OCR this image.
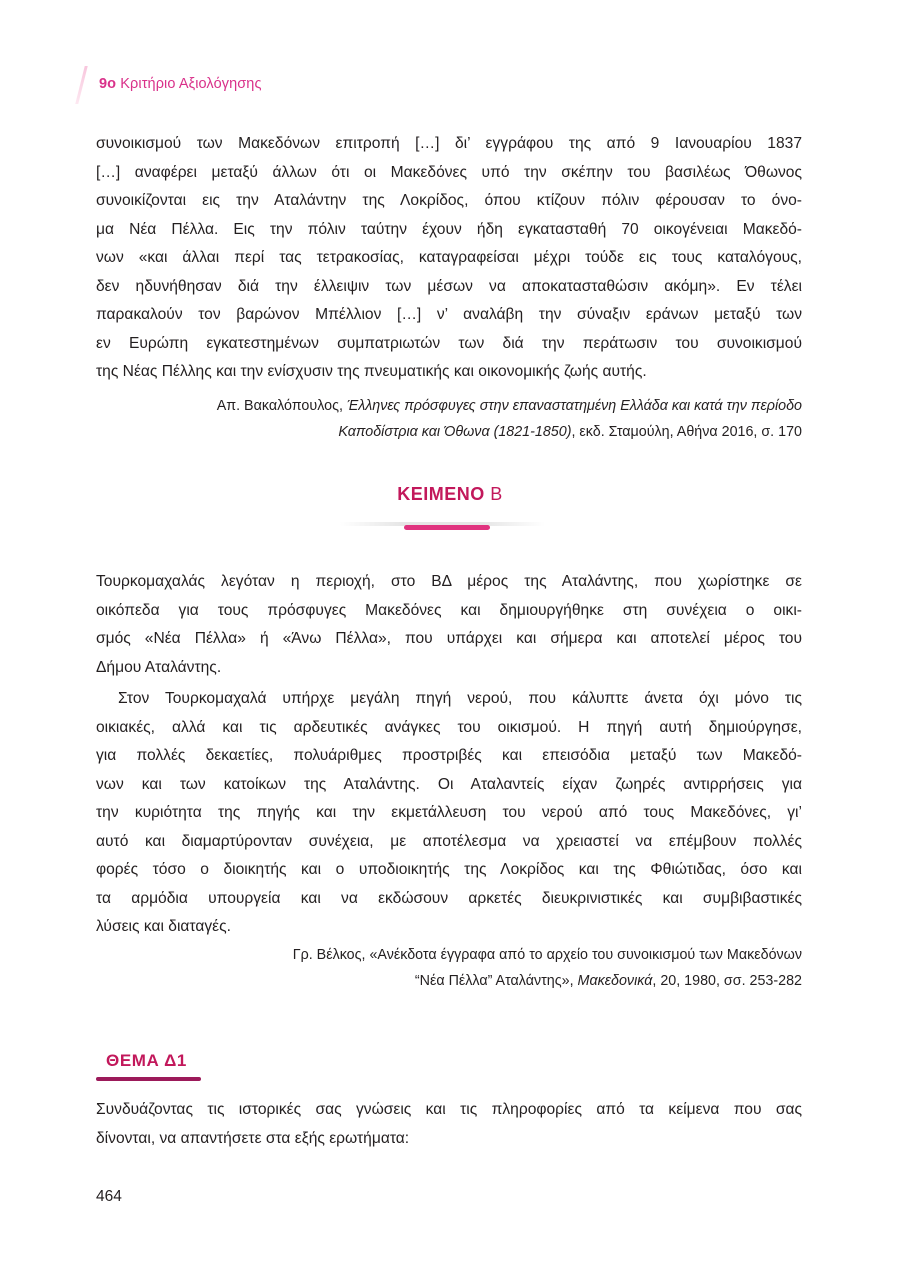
9ο Κριτήριο Αξιολόγησης
συνοικισμού των Μακεδόνων επιτροπή […] δι’ εγγράφου της από 9 Ιανουαρίου 1837
[…] αναφέρει μεταξύ άλλων ότι οι Μακεδόνες υπό την σκέπην του βασιλέως Όθωνος
συνοικίζονται εις την Αταλάντην της Λοκρίδος, όπου κτίζουν πόλιν φέρουσαν το όνο-
μα Νέα Πέλλα. Εις την πόλιν ταύτην έχουν ήδη εγκατασταθή 70 οικογένειαι Μακεδό-
νων «και άλλαι περί τας τετρακοσίας, καταγραφείσαι μέχρι τούδε εις τους καταλόγους,
δεν ηδυνήθησαν διά την έλλειψιν των μέσων να αποκατασταθώσιν ακόμη». Εν τέλει
παρακαλούν τον βαρώνον Μπέλλιον […] ν’ αναλάβη την σύναξιν εράνων μεταξύ των
εν Ευρώπη εγκατεστημένων συμπατριωτών των διά την περάτωσιν του συνοικισμού
της Νέας Πέλλης και την ενίσχυσιν της πνευματικής και οικονομικής ζωής αυτής.
Απ. Βακαλόπουλος, Έλληνες πρόσφυγες στην επαναστατημένη Ελλάδα και κατά την περίοδο
Καποδίστρια και Όθωνα (1821-1850), εκδ. Σταμούλη, Αθήνα 2016, σ. 170
ΚΕΙΜΕΝΟ Β
Τουρκομαχαλάς λεγόταν η περιοχή, στο ΒΔ μέρος της Αταλάντης, που χωρίστηκε σε
οικόπεδα για τους πρόσφυγες Μακεδόνες και δημιουργήθηκε στη συνέχεια ο οικι-
σμός «Νέα Πέλλα» ή «Άνω Πέλλα», που υπάρχει και σήμερα και αποτελεί μέρος του
Δήμου Αταλάντης.
Στον Τουρκομαχαλά υπήρχε μεγάλη πηγή νερού, που κάλυπτε άνετα όχι μόνο τις
οικιακές, αλλά και τις αρδευτικές ανάγκες του οικισμού. Η πηγή αυτή δημιούργησε,
για πολλές δεκαετίες, πολυάριθμες προστριβές και επεισόδια μεταξύ των Μακεδό-
νων και των κατοίκων της Αταλάντης. Οι Αταλαντείς είχαν ζωηρές αντιρρήσεις για
την κυριότητα της πηγής και την εκμετάλλευση του νερού από τους Μακεδόνες, γι’
αυτό και διαμαρτύρονταν συνέχεια, με αποτέλεσμα να χρειαστεί να επέμβουν πολλές
φορές τόσο ο διοικητής και ο υποδιοικητής της Λοκρίδος και της Φθιώτιδας, όσο και
τα αρμόδια υπουργεία και να εκδώσουν αρκετές διευκρινιστικές και συμβιβαστικές
λύσεις και διαταγές.
Γρ. Βέλκος, «Ανέκδοτα έγγραφα από το αρχείο του συνοικισμού των Μακεδόνων
“Νέα Πέλλα” Αταλάντης», Μακεδονικά, 20, 1980, σσ. 253-282
ΘΕΜΑ Δ1
Συνδυάζοντας τις ιστορικές σας γνώσεις και τις πληροφορίες από τα κείμενα που σας
δίνονται, να απαντήσετε στα εξής ερωτήματα:
464
